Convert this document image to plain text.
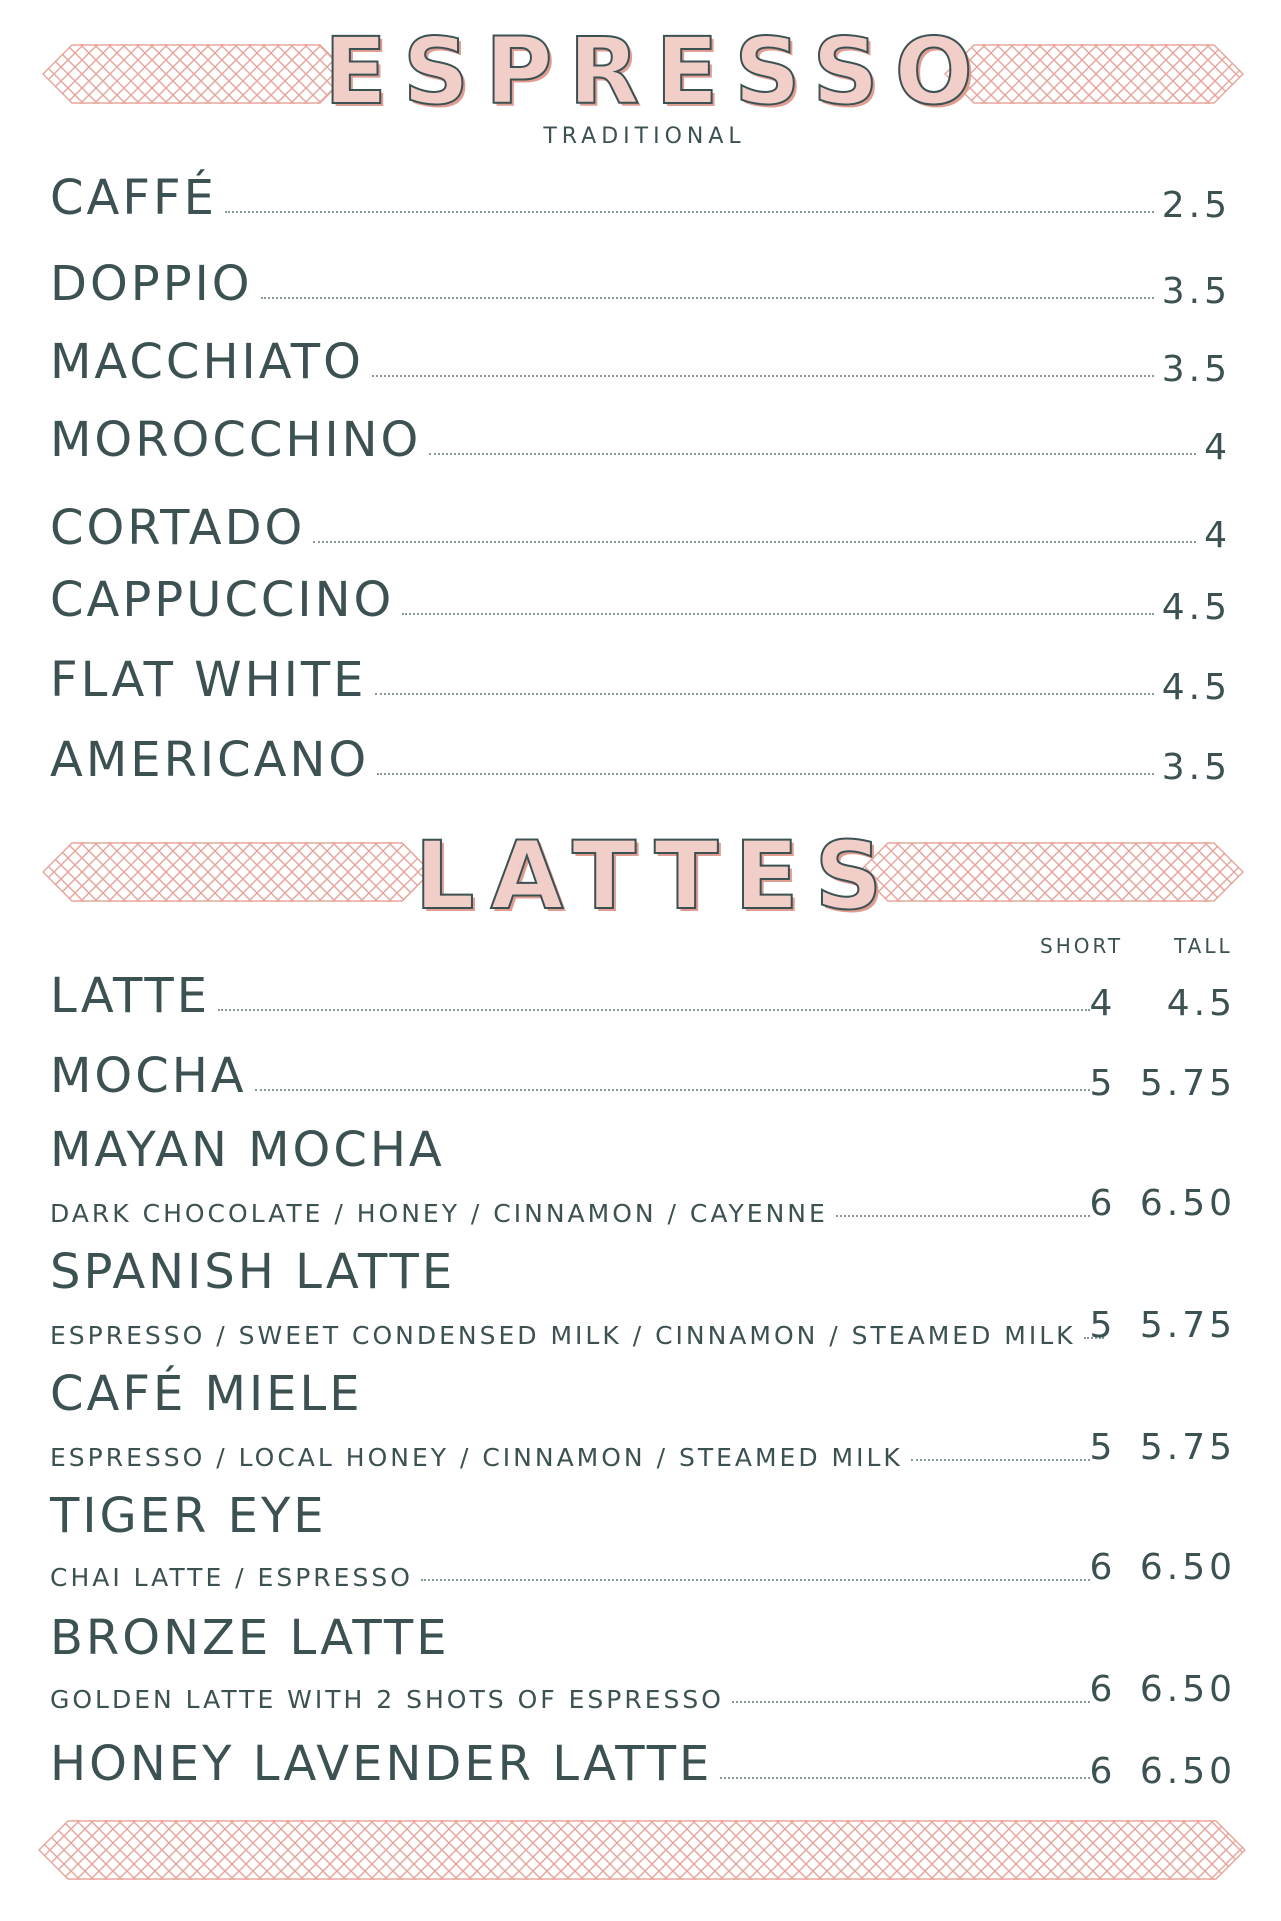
ESPRESSO
TRADITIONAL
CAFFÉ	2.5
DOPPIO	3.5
MACCHIATO	3.5
MOROCCHINO	4
CORTADO	4
CAPPUCCINO	4.5
FLAT WHITE	4.5
AMERICANO	3.5
LATTES
SHORT	TALL
LATTE	4	4.5
MOCHA	5 5.75
MAYAN MOCHA
DARK CHOCOLATE / HONEY / CINNAMON / CAYENNE	6 6.50
SPANISH LATTE
ESPRESSO / SWEET CONDENSED MILK / CINNAMON / STEAMED MILK 5 5.75
CAFÉ MIELE
ESPRESSO / LOCAL HONEY / CINNAMON / STEAMED MILK	5 5.75
TIGER EYE
CHAI LATTE / ESPRESSO	6 6.50
BRONZE LATTE
GOLDEN LATTE WITH 2 SHOTS OF ESPRESSO	6 6.50
HONEY LAVENDER LATTE	6 6.50
